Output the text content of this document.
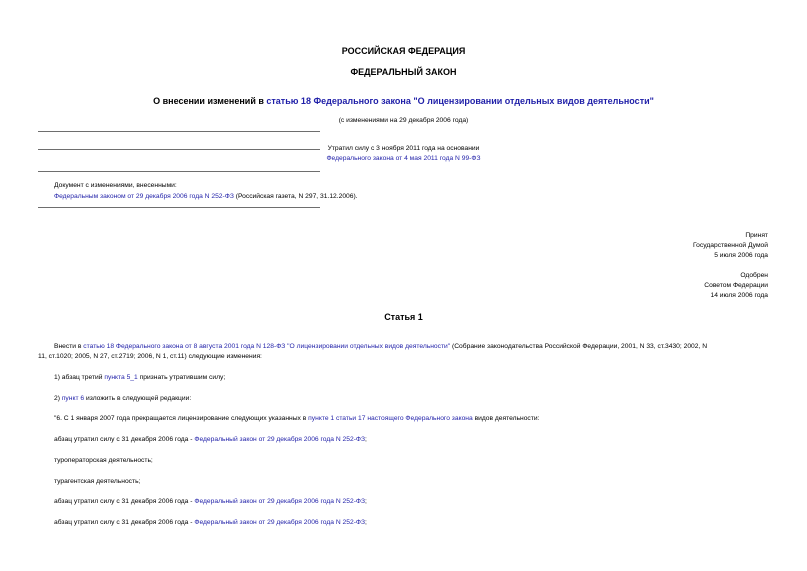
РОССИЙСКАЯ ФЕДЕРАЦИЯ
ФЕДЕРАЛЬНЫЙ ЗАКОН
О внесении изменений в статью 18 Федерального закона "О лицензировании отдельных видов деятельности"
(с изменениями на 29 декабря 2006 года)
Утратил силу с 3 ноября 2011 года на основании
Федерального закона от 4 мая 2011 года N 99-ФЗ
Документ с изменениями, внесенными:
Федеральным законом от 29 декабря 2006 года N 252-ФЗ (Российская газета, N 297, 31.12.2006).
Принят
Государственной Думой
5 июля 2006 года
Одобрен
Советом Федерации
14 июля 2006 года
Статья 1
Внести в статью 18 Федерального закона от 8 августа 2001 года N 128-ФЗ "О лицензировании отдельных видов деятельности" (Собрание законодательства Российской Федерации, 2001, N 33, ст.3430; 2002, N
11, ст.1020; 2005, N 27, ст.2719; 2006, N 1, ст.11) следующие изменения:
1) абзац третий пункта 5_1 признать утратившим силу;
2) пункт 6 изложить в следующей редакции:
"6. С 1 января 2007 года прекращается лицензирование следующих указанных в пункте 1 статьи 17 настоящего Федерального закона видов деятельности:
абзац утратил силу с 31 декабря 2006 года - Федеральный закон от 29 декабря 2006 года N 252-ФЗ;
туроператорская деятельность;
турагентская деятельность;
абзац утратил силу с 31 декабря 2006 года - Федеральный закон от 29 декабря 2006 года N 252-ФЗ;
абзац утратил силу с 31 декабря 2006 года - Федеральный закон от 29 декабря 2006 года N 252-ФЗ;
